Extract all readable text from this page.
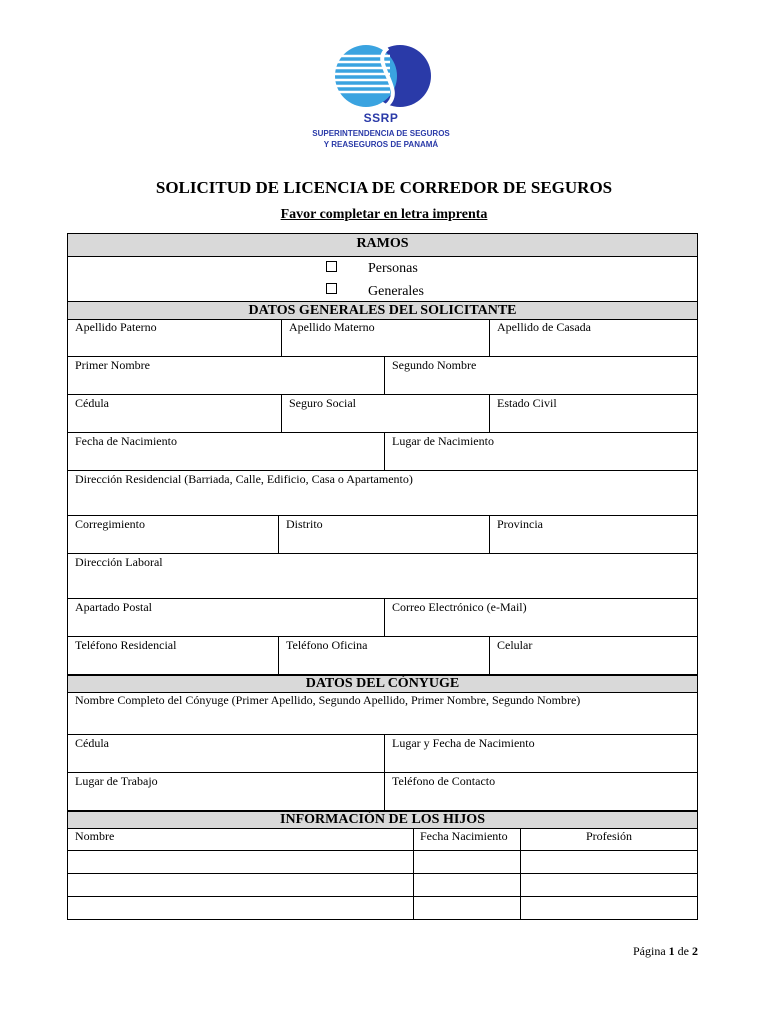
SSRP
SUPERINTENDENCIA DE SEGUROS
Y REASEGUROS DE PANAMÁ
SOLICITUD DE LICENCIA DE CORREDOR DE SEGUROS
Favor completar en letra imprenta
RAMOS
Personas
Generales
DATOS GENERALES DEL SOLICITANTE
Apellido Paterno	Apellido Materno	Apellido de Casada
Primer Nombre	Segundo Nombre
Cédula	Seguro Social	Estado Civil
Fecha de Nacimiento	Lugar de Nacimiento
Dirección Residencial (Barriada, Calle, Edificio, Casa o Apartamento)
Corregimiento	Distrito	Provincia
Dirección Laboral
Apartado Postal	Correo Electrónico (e-Mail)
Teléfono Residencial	Teléfono Oficina	Celular
DATOS DEL CÓNYUGE
Nombre Completo del Cónyuge (Primer Apellido, Segundo Apellido, Primer Nombre, Segundo Nombre)
Cédula	Lugar y Fecha de Nacimiento
Lugar de Trabajo	Teléfono de Contacto
INFORMACIÓN DE LOS HIJOS
Nombre	Fecha Nacimiento	Profesión
Página 1 de 2
